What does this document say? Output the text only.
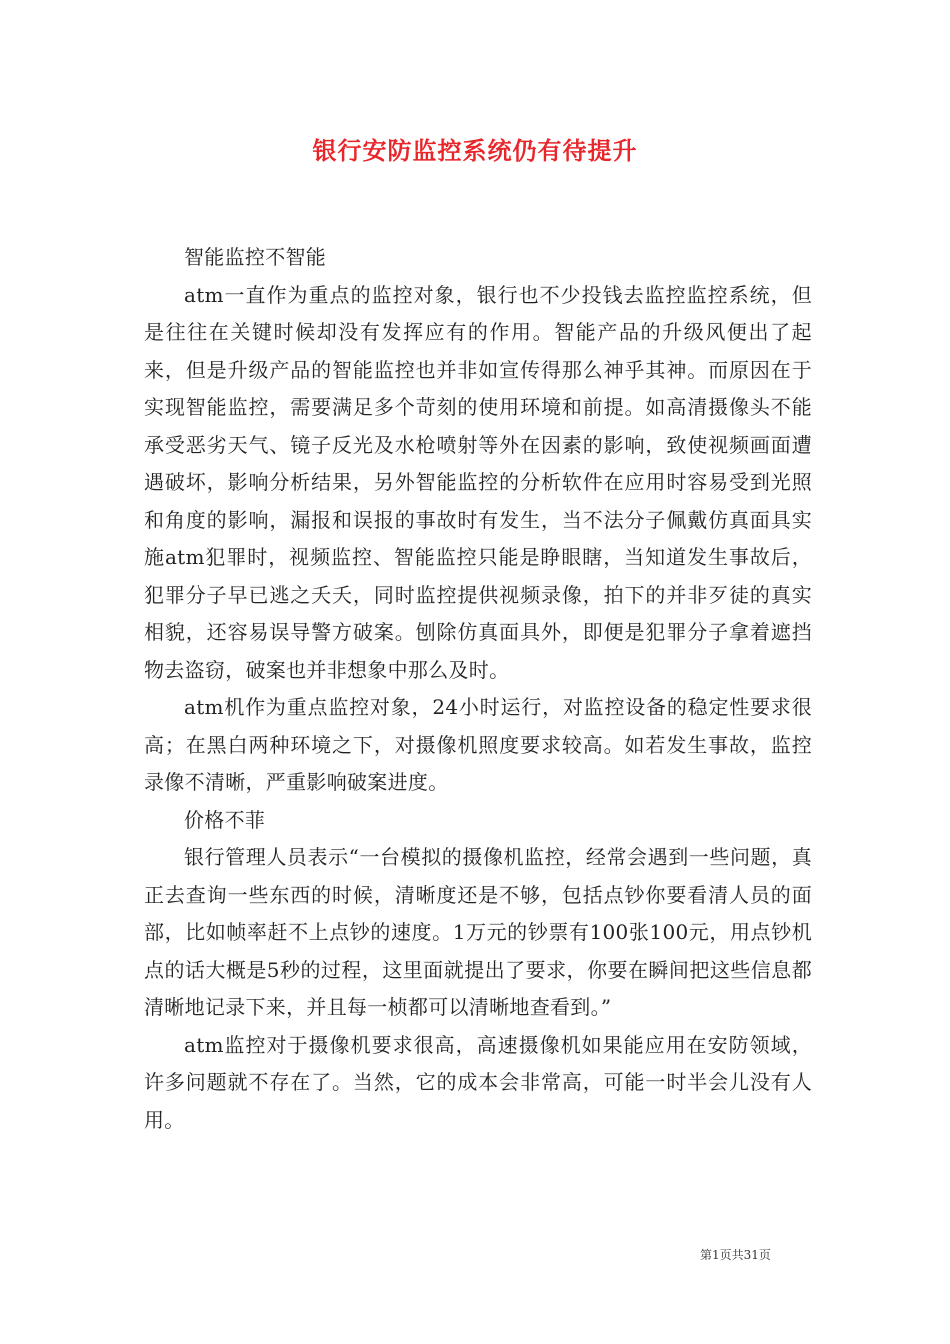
银行安防监控系统仍有待提升

智能监控不智能

atm一直作为重点的监控对象，银行也不少投钱去监控监控系统，但是往往在关键时候却没有发挥应有的作用。智能产品的升级风便出了起来，但是升级产品的智能监控也并非如宣传得那么神乎其神。而原因在于实现智能监控，需要满足多个苛刻的使用环境和前提。如高清摄像头不能承受恶劣天气、镜子反光及水枪喷射等外在因素的影响，致使视频画面遭遇破坏，影响分析结果，另外智能监控的分析软件在应用时容易受到光照和角度的影响，漏报和误报的事故时有发生，当不法分子佩戴仿真面具实施atm犯罪时，视频监控、智能监控只能是睁眼瞎，当知道发生事故后，犯罪分子早已逃之夭夭，同时监控提供视频录像，拍下的并非歹徒的真实相貌，还容易误导警方破案。刨除仿真面具外，即便是犯罪分子拿着遮挡物去盗窃，破案也并非想象中那么及时。

atm机作为重点监控对象，24小时运行，对监控设备的稳定性要求很高；在黑白两种环境之下，对摄像机照度要求较高。如若发生事故，监控录像不清晰，严重影响破案进度。

价格不菲

银行管理人员表示“一台模拟的摄像机监控，经常会遇到一些问题，真正去查询一些东西的时候，清晰度还是不够，包括点钞你要看清人员的面部，比如帧率赶不上点钞的速度。1万元的钞票有100张100元，用点钞机点的话大概是5秒的过程，这里面就提出了要求，你要在瞬间把这些信息都清晰地记录下来，并且每一桢都可以清晰地查看到。”

atm监控对于摄像机要求很高，高速摄像机如果能应用在安防领域，许多问题就不存在了。当然，它的成本会非常高，可能一时半会儿没有人用。

第1页共31页
